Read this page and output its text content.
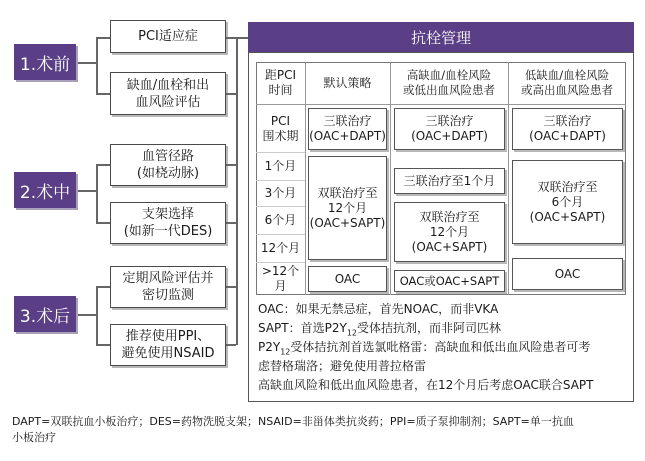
1.术前
2.术中
3.术后
PCI适应症
缺血/血栓和出
血风险评估
血管径路
(如桡动脉)
支架选择
(如新一代DES)
定期风险评估并
密切监测
推荐使用PPI、
避免使用NSAID
抗栓管理
距PCI
时间
默认策略
高缺血/血栓风险
或低出血风险患者
低缺血/血栓风险
或高出血风险患者
PCI
围术期
1个月
3个月
6个月
12个月
>12个月
三联治疗
(OAC+DAPT)
双联治疗至
12个月
(OAC+SAPT)
OAC
三联治疗
(OAC+DAPT)
三联治疗至1个月
双联治疗至
12个月
(OAC+SAPT)
OAC或OAC+SAPT
三联治疗
(OAC+DAPT)
双联治疗至
6个月
(OAC+SAPT)
OAC
OAC：如果无禁忌症，首先NOAC，而非VKA
SAPT：首选$P2Y_{12}$受体拮抗剂，而非阿司匹林
$P2Y_{12}$受体拮抗剂首选氯吡格雷：高缺血和低出血风险患者可考
虑替格瑞洛；避免使用普拉格雷
高缺血风险和低出血风险患者，在12个月后考虑OAC联合SAPT
DAPT=双联抗血小板治疗；DES=药物洗脱支架；NSAID=非甾体类抗炎药；PPI=质子泵抑制剂；SAPT=单一抗血
小板治疗
